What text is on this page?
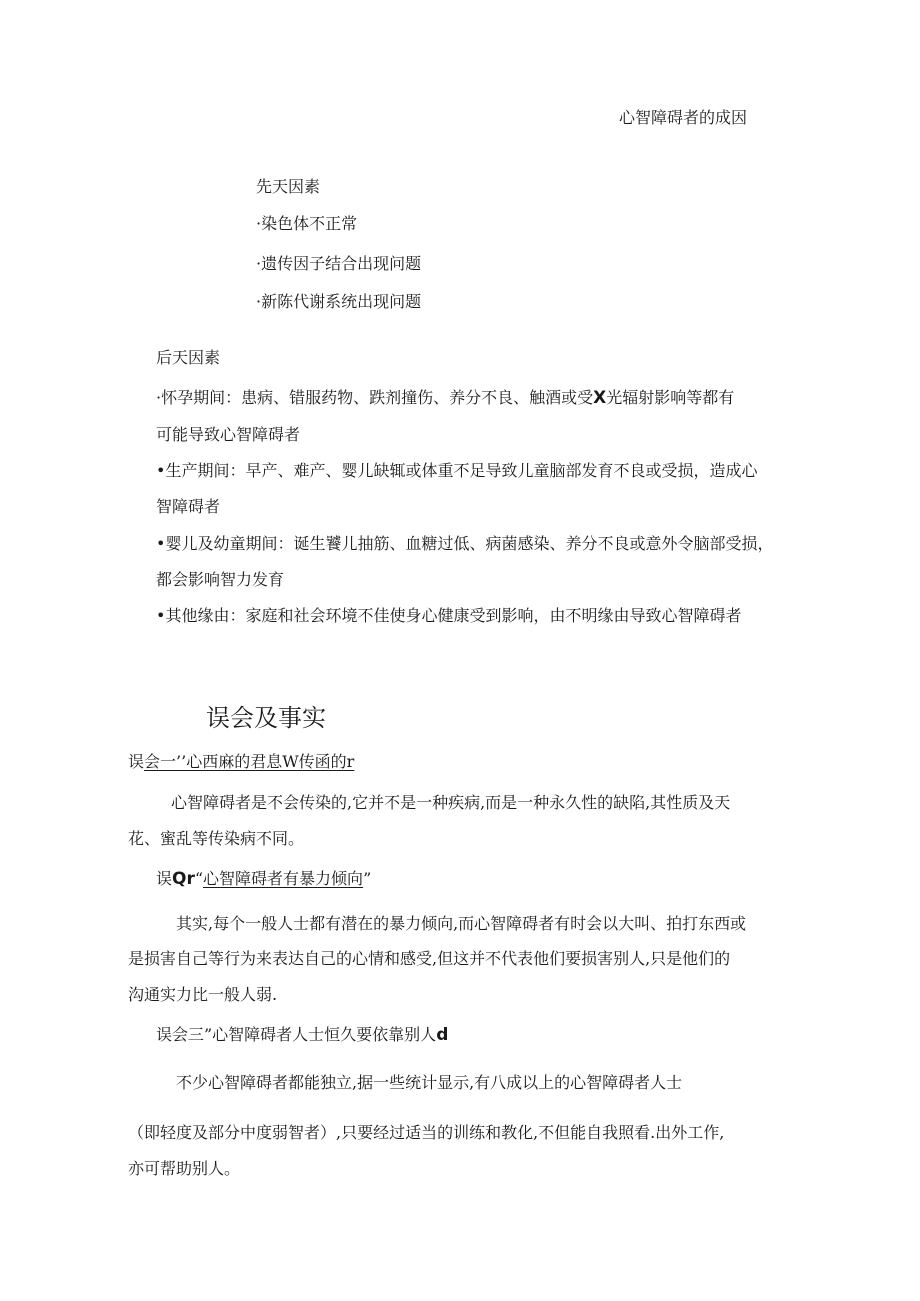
心智障碍者的成因
先天因素
·染色体不正常
·遗传因子结合出现问题
·新陈代谢系统出现问题
后天因素
·怀孕期间：患病、错服药物、跌剂撞伤、养分不良、触酒或受X光辐射影响等都有
可能导致心智障碍者
•生产期间：早产、难产、婴儿缺辄或体重不足导致儿童脑部发育不良或受损，造成心
智障碍者
•婴儿及幼童期间：诞生饕儿抽筋、血糖过低、病菌感染、养分不良或意外令脑部受损，
都会影响智力发育
•其他缘由：家庭和社会环境不佳使身心健康受到影响，由不明缘由导致心智障碍者
误会及事实
误会一’’心西麻的君息W传函的r
心智障碍者是不会传染的,它并不是一种疾病,而是一种永久性的缺陷,其性质及天
花、蜜乱等传染病不同。
误Qr“心智障碍者有暴力倾向”
其实,每个一般人士都有潜在的暴力倾向,而心智障碍者有时会以大叫、拍打东西或
是损害自己等行为来表达自己的心情和感受,但这并不代表他们要损害别人,只是他们的
沟通实力比一般人弱.
误会三”心智障碍者人士恒久要依靠别人d
不少心智障碍者都能独立,据一些统计显示,有八成以上的心智障碍者人士
（即轻度及部分中度弱智者）,只要经过适当的训练和教化,不但能自我照看.出外工作,
亦可帮助别人。
